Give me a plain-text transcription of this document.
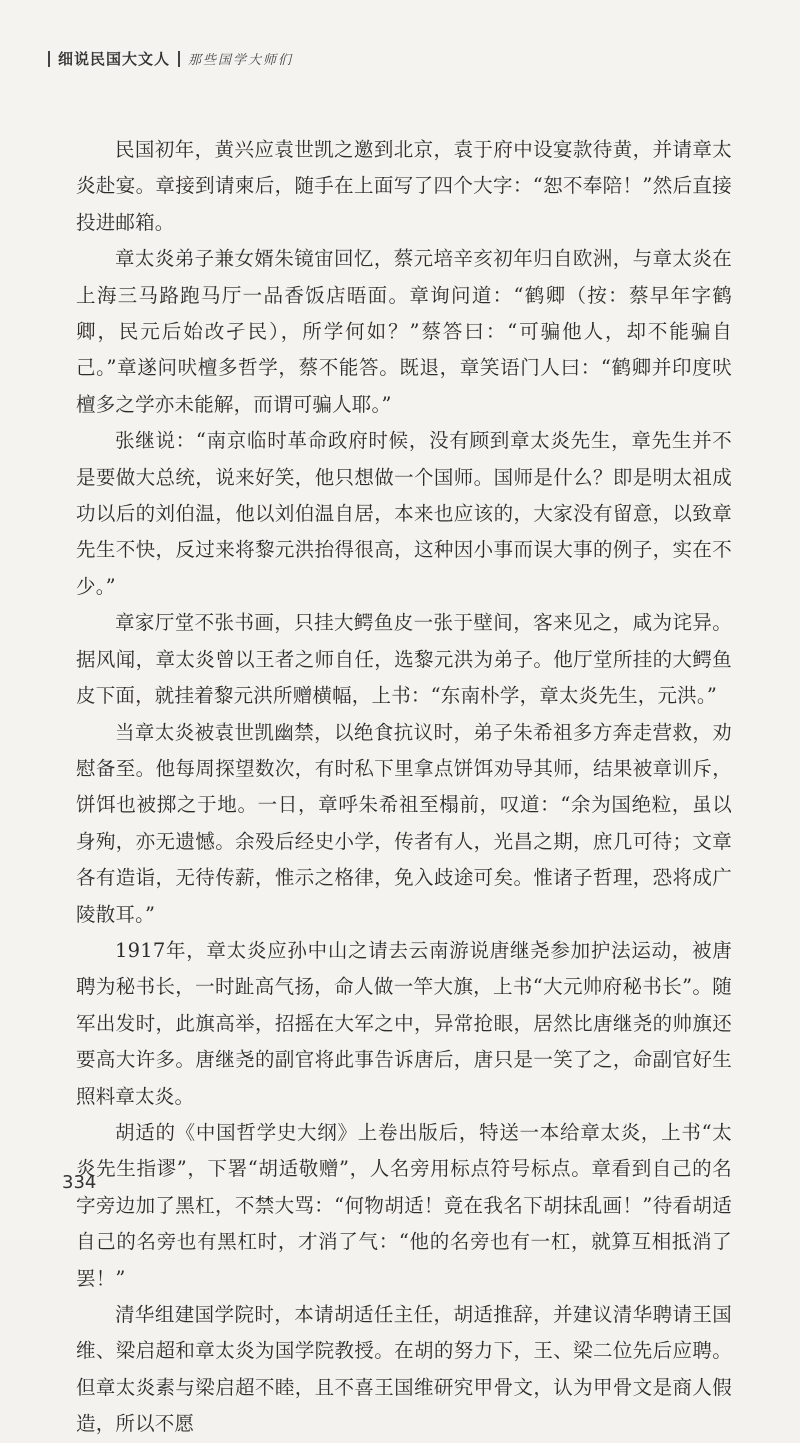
细说民国大文人 那些国学大师们

民国初年，黄兴应袁世凯之邀到北京，袁于府中设宴款待黄，并请章太炎赴宴。章接到请柬后，随手在上面写了四个大字：“恕不奉陪！”然后直接投进邮箱。

章太炎弟子兼女婿朱镜宙回忆，蔡元培辛亥初年归自欧洲，与章太炎在上海三马路跑马厅一品香饭店晤面。章询问道：“鹤卿（按：蔡早年字鹤卿，民元后始改孑民），所学何如？”蔡答曰：“可骗他人，却不能骗自己。”章遂问吠檀多哲学，蔡不能答。既退，章笑语门人曰：“鹤卿并印度吠檀多之学亦未能解，而谓可骗人耶。”

张继说：“南京临时革命政府时候，没有顾到章太炎先生，章先生并不是要做大总统，说来好笑，他只想做一个国师。国师是什么？即是明太祖成功以后的刘伯温，他以刘伯温自居，本来也应该的，大家没有留意，以致章先生不快，反过来将黎元洪抬得很高，这种因小事而误大事的例子，实在不少。”

章家厅堂不张书画，只挂大鳄鱼皮一张于壁间，客来见之，咸为诧异。据风闻，章太炎曾以王者之师自任，选黎元洪为弟子。他厅堂所挂的大鳄鱼皮下面，就挂着黎元洪所赠横幅，上书：“东南朴学，章太炎先生，元洪。”

当章太炎被袁世凯幽禁，以绝食抗议时，弟子朱希祖多方奔走营救，劝慰备至。他每周探望数次，有时私下里拿点饼饵劝导其师，结果被章训斥，饼饵也被掷之于地。一日，章呼朱希祖至榻前，叹道：“余为国绝粒，虽以身殉，亦无遗憾。余殁后经史小学，传者有人，光昌之期，庶几可待；文章各有造诣，无待传薪，惟示之格律，免入歧途可矣。惟诸子哲理，恐将成广陵散耳。”

1917年，章太炎应孙中山之请去云南游说唐继尧参加护法运动，被唐聘为秘书长，一时趾高气扬，命人做一竿大旗，上书“大元帅府秘书长”。随军出发时，此旗高举，招摇在大军之中，异常抢眼，居然比唐继尧的帅旗还要高大许多。唐继尧的副官将此事告诉唐后，唐只是一笑了之，命副官好生照料章太炎。

胡适的《中国哲学史大纲》上卷出版后，特送一本给章太炎，上书“太炎先生指谬”，下署“胡适敬赠”，人名旁用标点符号标点。章看到自己的名字旁边加了黑杠，不禁大骂：“何物胡适！竟在我名下胡抹乱画！”待看胡适自己的名旁也有黑杠时，才消了气：“他的名旁也有一杠，就算互相抵消了罢！”

清华组建国学院时，本请胡适任主任，胡适推辞，并建议清华聘请王国维、梁启超和章太炎为国学院教授。在胡的努力下，王、梁二位先后应聘。但章太炎素与梁启超不睦，且不喜王国维研究甲骨文，认为甲骨文是商人假造，所以不愿

334
